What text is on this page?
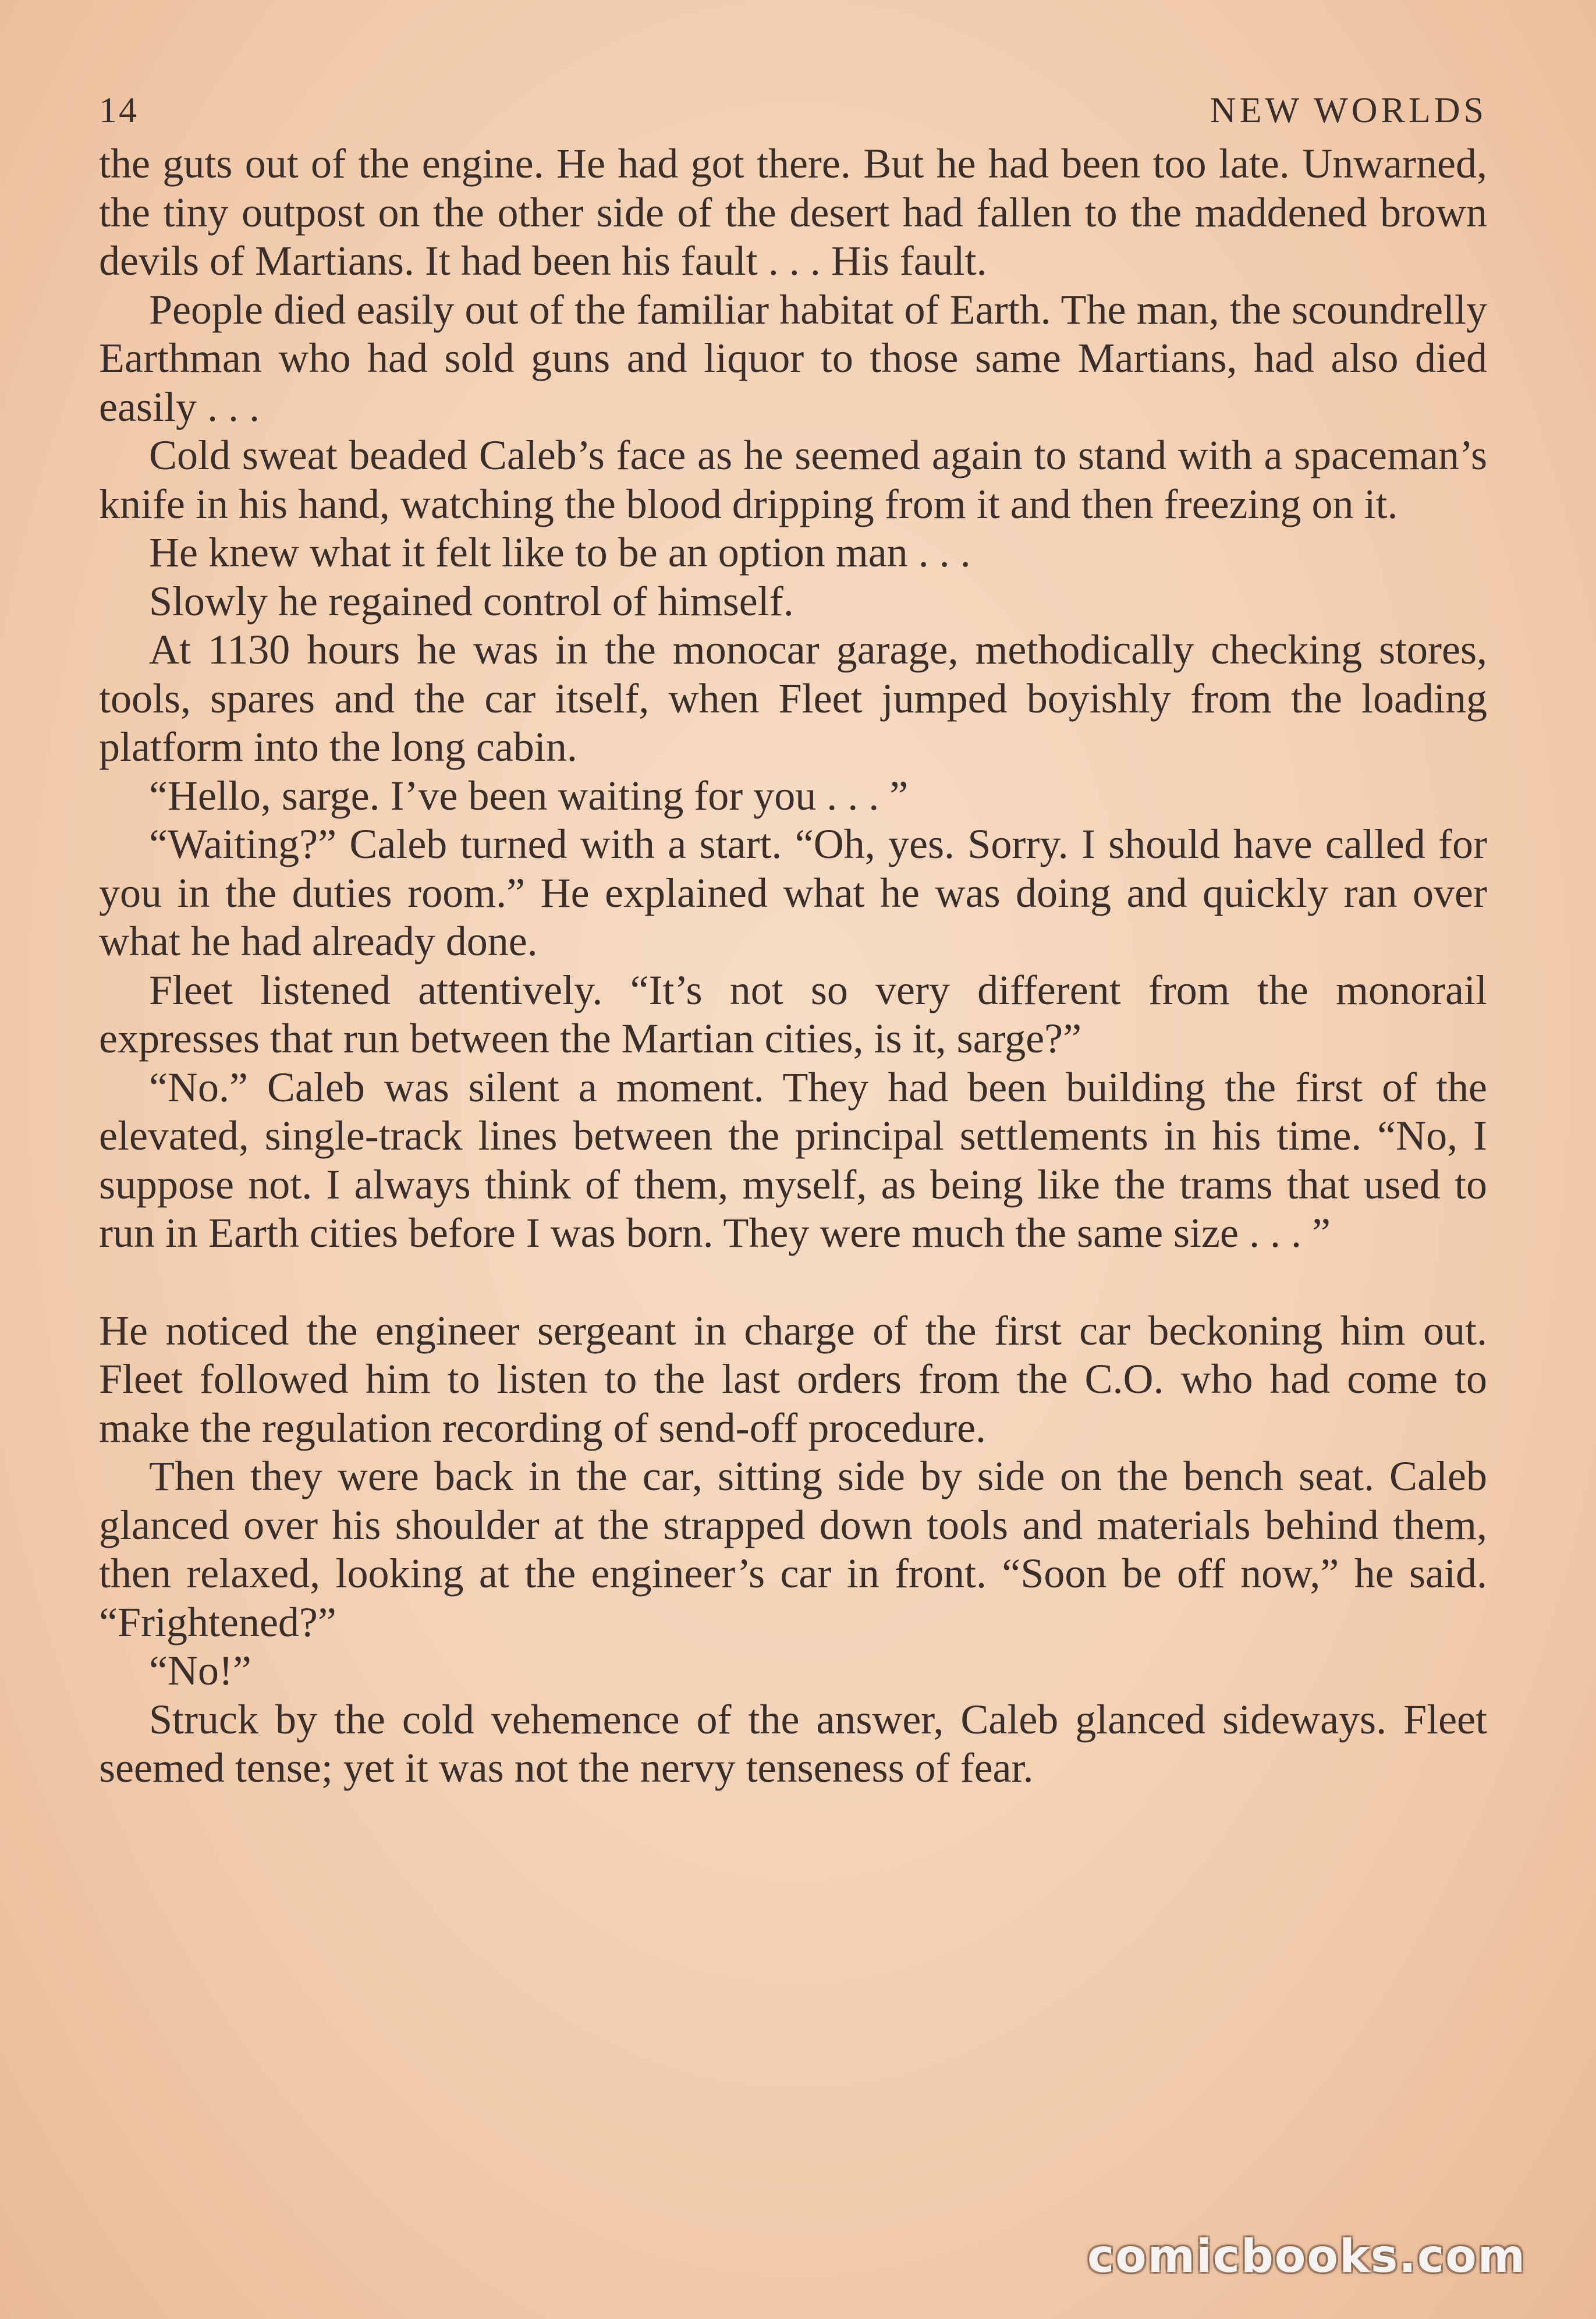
14	NEW WORLDS

the guts out of the engine. He had got there. But he had been too late. Unwarned, the tiny outpost on the other side of the desert had fallen to the maddened brown devils of Martians. It had been his fault . . . His fault.

People died easily out of the familiar habitat of Earth. The man, the scoundrelly Earthman who had sold guns and liquor to those same Martians, had also died easily . . .

Cold sweat beaded Caleb’s face as he seemed again to stand with a spaceman’s knife in his hand, watching the blood dripping from it and then freezing on it.

He knew what it felt like to be an option man . . .

Slowly he regained control of himself.

At 1130 hours he was in the monocar garage, methodically checking stores, tools, spares and the car itself, when Fleet jumped boyishly from the loading platform into the long cabin.

“Hello, sarge. I’ve been waiting for you . . . ”

“Waiting?” Caleb turned with a start. “Oh, yes. Sorry. I should have called for you in the duties room.” He explained what he was doing and quickly ran over what he had already done.

Fleet listened attentively. “It’s not so very different from the monorail expresses that run between the Martian cities, is it, sarge?”

“No.” Caleb was silent a moment. They had been building the first of the elevated, single-track lines between the principal settlements in his time. “No, I suppose not. I always think of them, myself, as being like the trams that used to run in Earth cities before I was born. They were much the same size . . . ”

He noticed the engineer sergeant in charge of the first car beckoning him out. Fleet followed him to listen to the last orders from the C.O. who had come to make the regulation recording of send-off procedure.

Then they were back in the car, sitting side by side on the bench seat. Caleb glanced over his shoulder at the strapped down tools and materials behind them, then relaxed, looking at the engineer’s car in front. “Soon be off now,” he said. “Frightened?”

“No!”

Struck by the cold vehemence of the answer, Caleb glanced sideways. Fleet seemed tense; yet it was not the nervy tenseness of fear.

comicbooks.com
